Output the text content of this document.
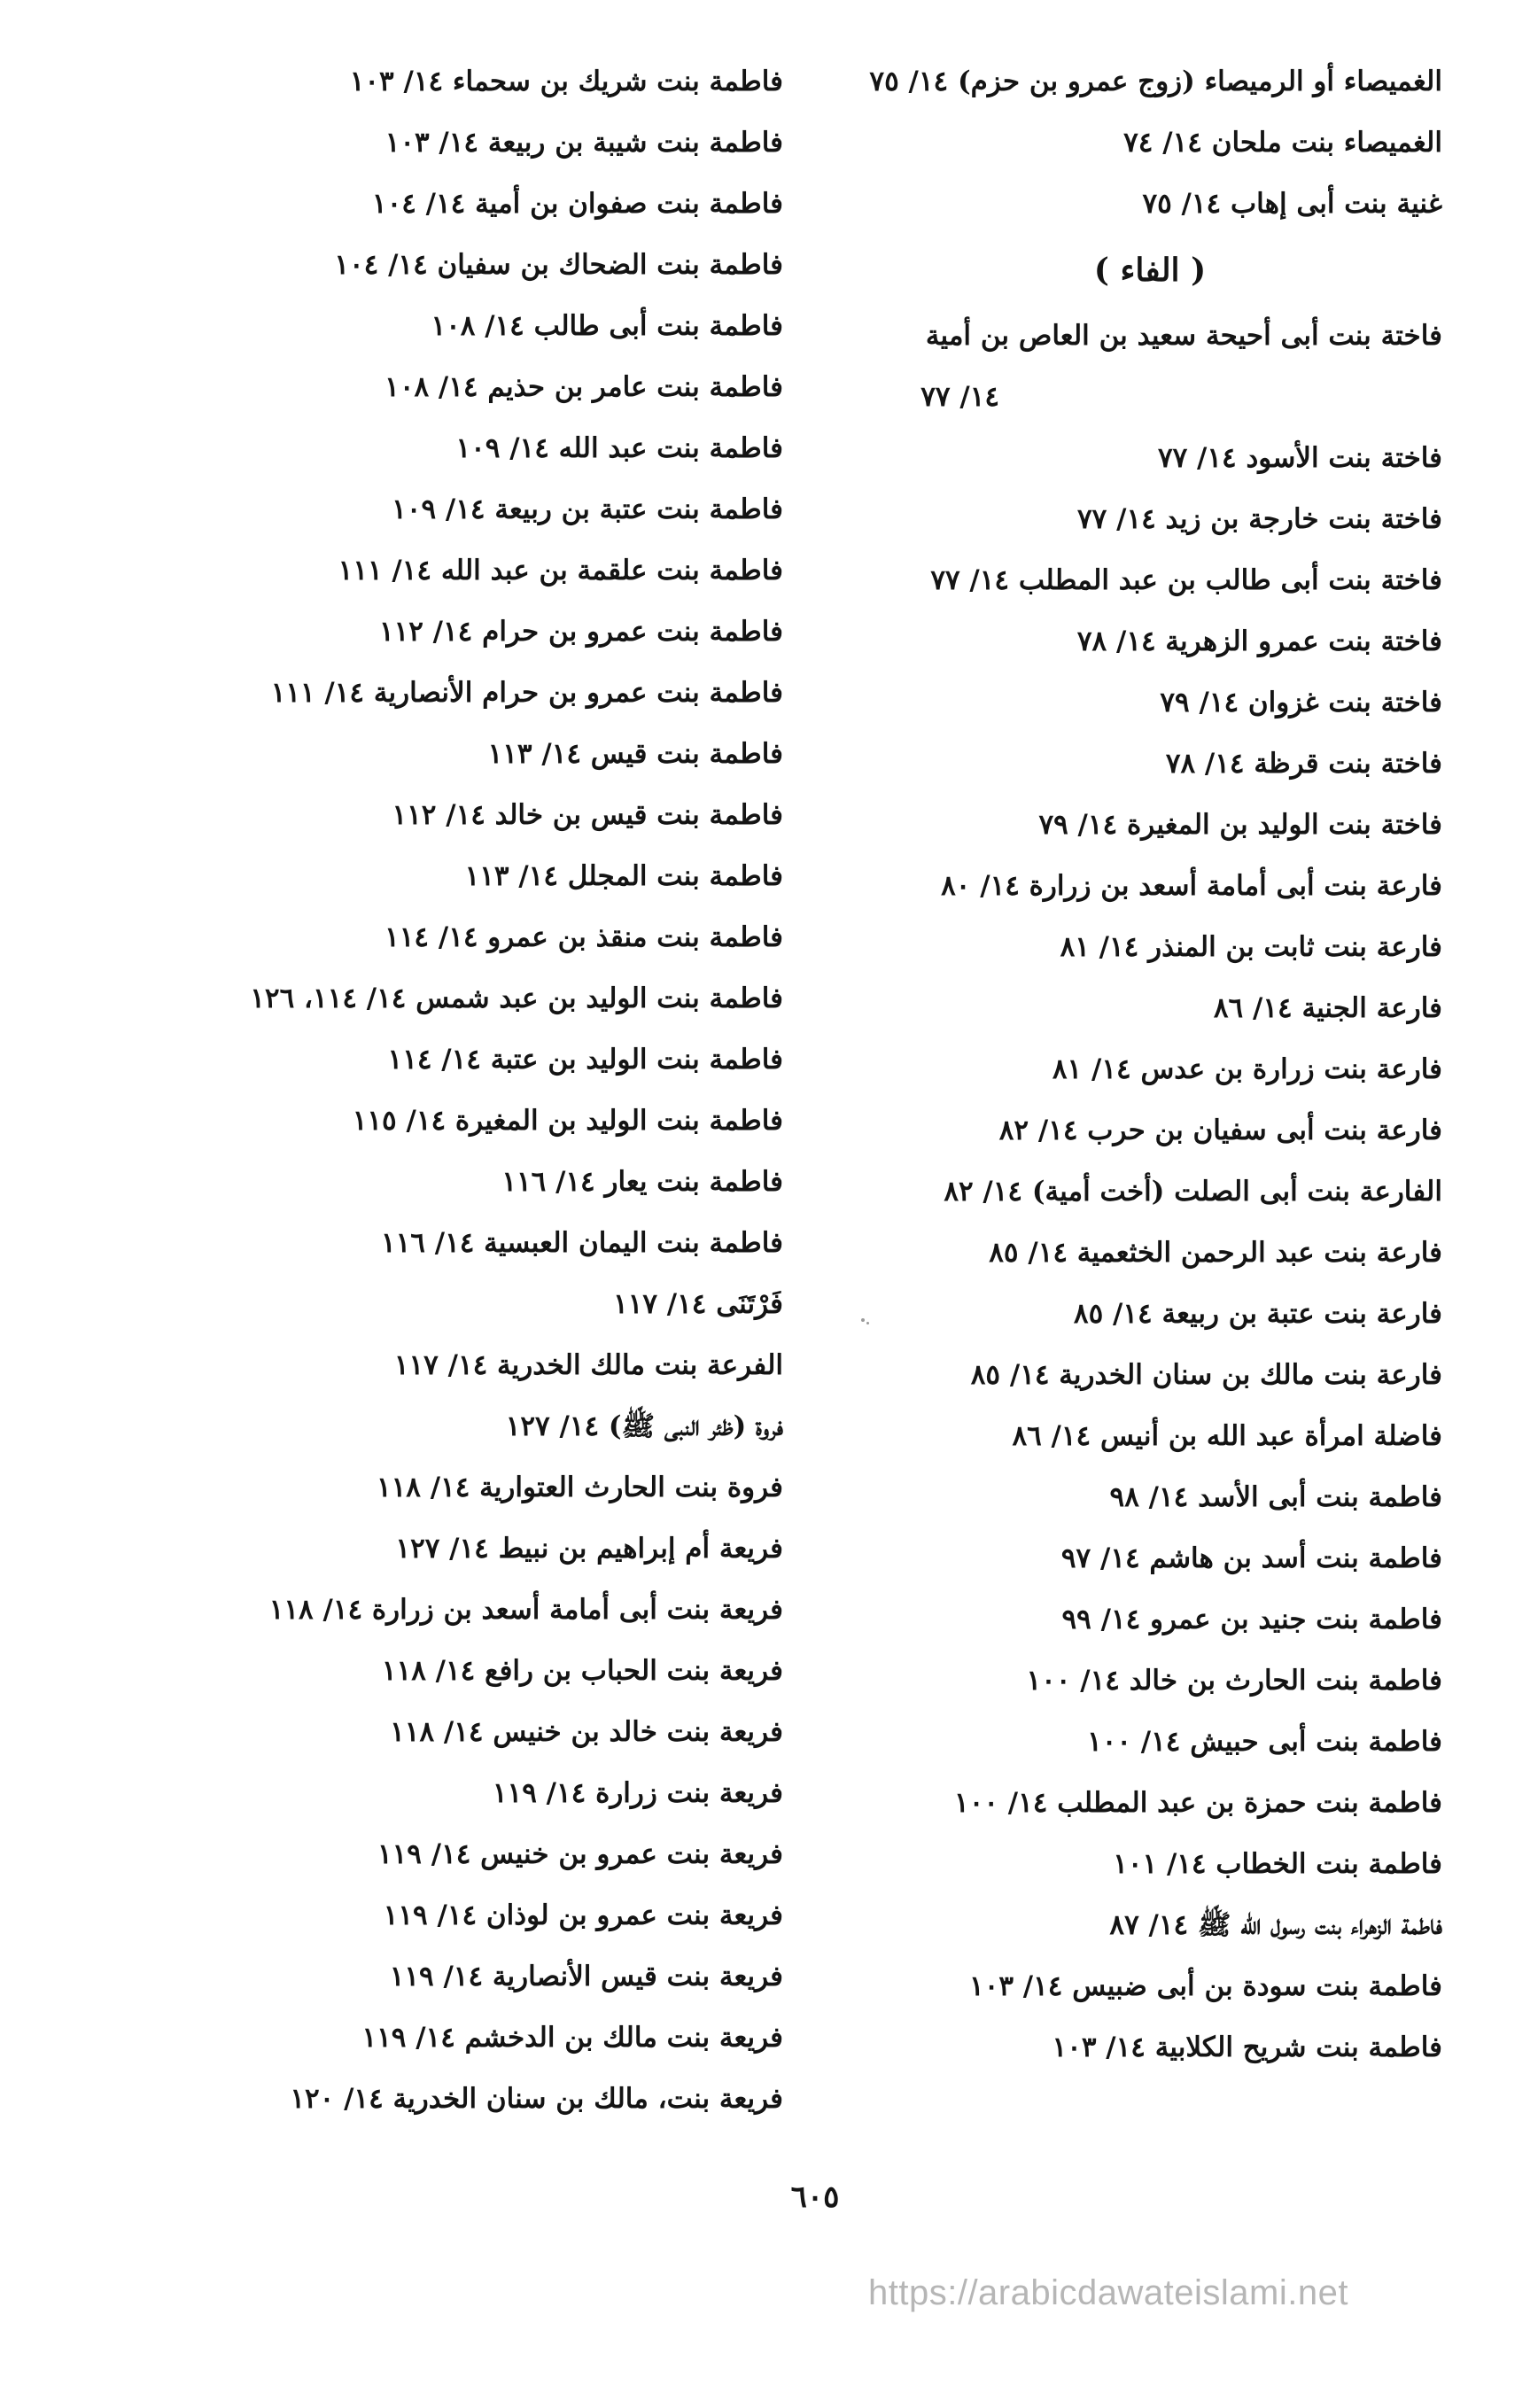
الغميصاء أو الرميصاء (زوج عمرو بن حزم) ١٤/ ٧٥
الغميصاء بنت ملحان ١٤/ ٧٤
غنية بنت أبى إهاب ١٤/ ٧٥
( الفاء )
فاختة بنت أبى أحيحة سعيد بن العاص بن أمية
١٤/ ٧٧
فاختة بنت الأسود ١٤/ ٧٧
فاختة بنت خارجة بن زيد ١٤/ ٧٧
فاختة بنت أبى طالب بن عبد المطلب ١٤/ ٧٧
فاختة بنت عمرو الزهرية ١٤/ ٧٨
فاختة بنت غزوان ١٤/ ٧٩
فاختة بنت قرظة ١٤/ ٧٨
فاختة بنت الوليد بن المغيرة ١٤/ ٧٩
فارعة بنت أبى أمامة أسعد بن زرارة ١٤/ ٨٠
فارعة بنت ثابت بن المنذر ١٤/ ٨١
فارعة الجنية ١٤/ ٨٦
فارعة بنت زرارة بن عدس ١٤/ ٨١
فارعة بنت أبى سفيان بن حرب ١٤/ ٨٢
الفارعة بنت أبى الصلت (أخت أمية) ١٤/ ٨٢
فارعة بنت عبد الرحمن الخثعمية ١٤/ ٨٥
فارعة بنت عتبة بن ربيعة ١٤/ ٨٥
فارعة بنت مالك بن سنان الخدرية ١٤/ ٨٥
فاضلة امرأة عبد الله بن أنيس ١٤/ ٨٦
فاطمة بنت أبى الأسد ١٤/ ٩٨
فاطمة بنت أسد بن هاشم ١٤/ ٩٧
فاطمة بنت جنيد بن عمرو ١٤/ ٩٩
فاطمة بنت الحارث بن خالد ١٤/ ١٠٠
فاطمة بنت أبى حبيش ١٤/ ١٠٠
فاطمة بنت حمزة بن عبد المطلب ١٤/ ١٠٠
فاطمة بنت الخطاب ١٤/ ١٠١
فاطمة الزهراء بنت رسول الله ﷺ ١٤/ ٨٧
فاطمة بنت سودة بن أبى ضبيس ١٤/ ١٠٣
فاطمة بنت شريح الكلابية ١٤/ ١٠٣
فاطمة بنت شريك بن سحماء ١٤/ ١٠٣
فاطمة بنت شيبة بن ربيعة ١٤/ ١٠٣
فاطمة بنت صفوان بن أمية ١٤/ ١٠٤
فاطمة بنت الضحاك بن سفيان ١٤/ ١٠٤
فاطمة بنت أبى طالب ١٤/ ١٠٨
فاطمة بنت عامر بن حذيم ١٤/ ١٠٨
فاطمة بنت عبد الله ١٤/ ١٠٩
فاطمة بنت عتبة بن ربيعة ١٤/ ١٠٩
فاطمة بنت علقمة بن عبد الله ١٤/ ١١١
فاطمة بنت عمرو بن حرام ١٤/ ١١٢
فاطمة بنت عمرو بن حرام الأنصارية ١٤/ ١١١
فاطمة بنت قيس ١٤/ ١١٣
فاطمة بنت قيس بن خالد ١٤/ ١١٢
فاطمة بنت المجلل ١٤/ ١١٣
فاطمة بنت منقذ بن عمرو ١٤/ ١١٤
فاطمة بنت الوليد بن عبد شمس ١٤/ ١١٤، ١٢٦
فاطمة بنت الوليد بن عتبة ١٤/ ١١٤
فاطمة بنت الوليد بن المغيرة ١٤/ ١١٥
فاطمة بنت يعار ١٤/ ١١٦
فاطمة بنت اليمان العبسية ١٤/ ١١٦
فَرْتَنَى ١٤/ ١١٧
الفرعة بنت مالك الخدرية ١٤/ ١١٧
فروة (ظئر النبى ﷺ) ١٤/ ١٢٧
فروة بنت الحارث العتوارية ١٤/ ١١٨
فريعة أم إبراهيم بن نبيط ١٤/ ١٢٧
فريعة بنت أبى أمامة أسعد بن زرارة ١٤/ ١١٨
فريعة بنت الحباب بن رافع ١٤/ ١١٨
فريعة بنت خالد بن خنيس ١٤/ ١١٨
فريعة بنت زرارة ١٤/ ١١٩
فريعة بنت عمرو بن خنيس ١٤/ ١١٩
فريعة بنت عمرو بن لوذان ١٤/ ١١٩
فريعة بنت قيس الأنصارية ١٤/ ١١٩
فريعة بنت مالك بن الدخشم ١٤/ ١١٩
فريعة بنت، مالك بن سنان الخدرية ١٤/ ١٢٠
٦٠٥
https://arabicdawateislami.net
